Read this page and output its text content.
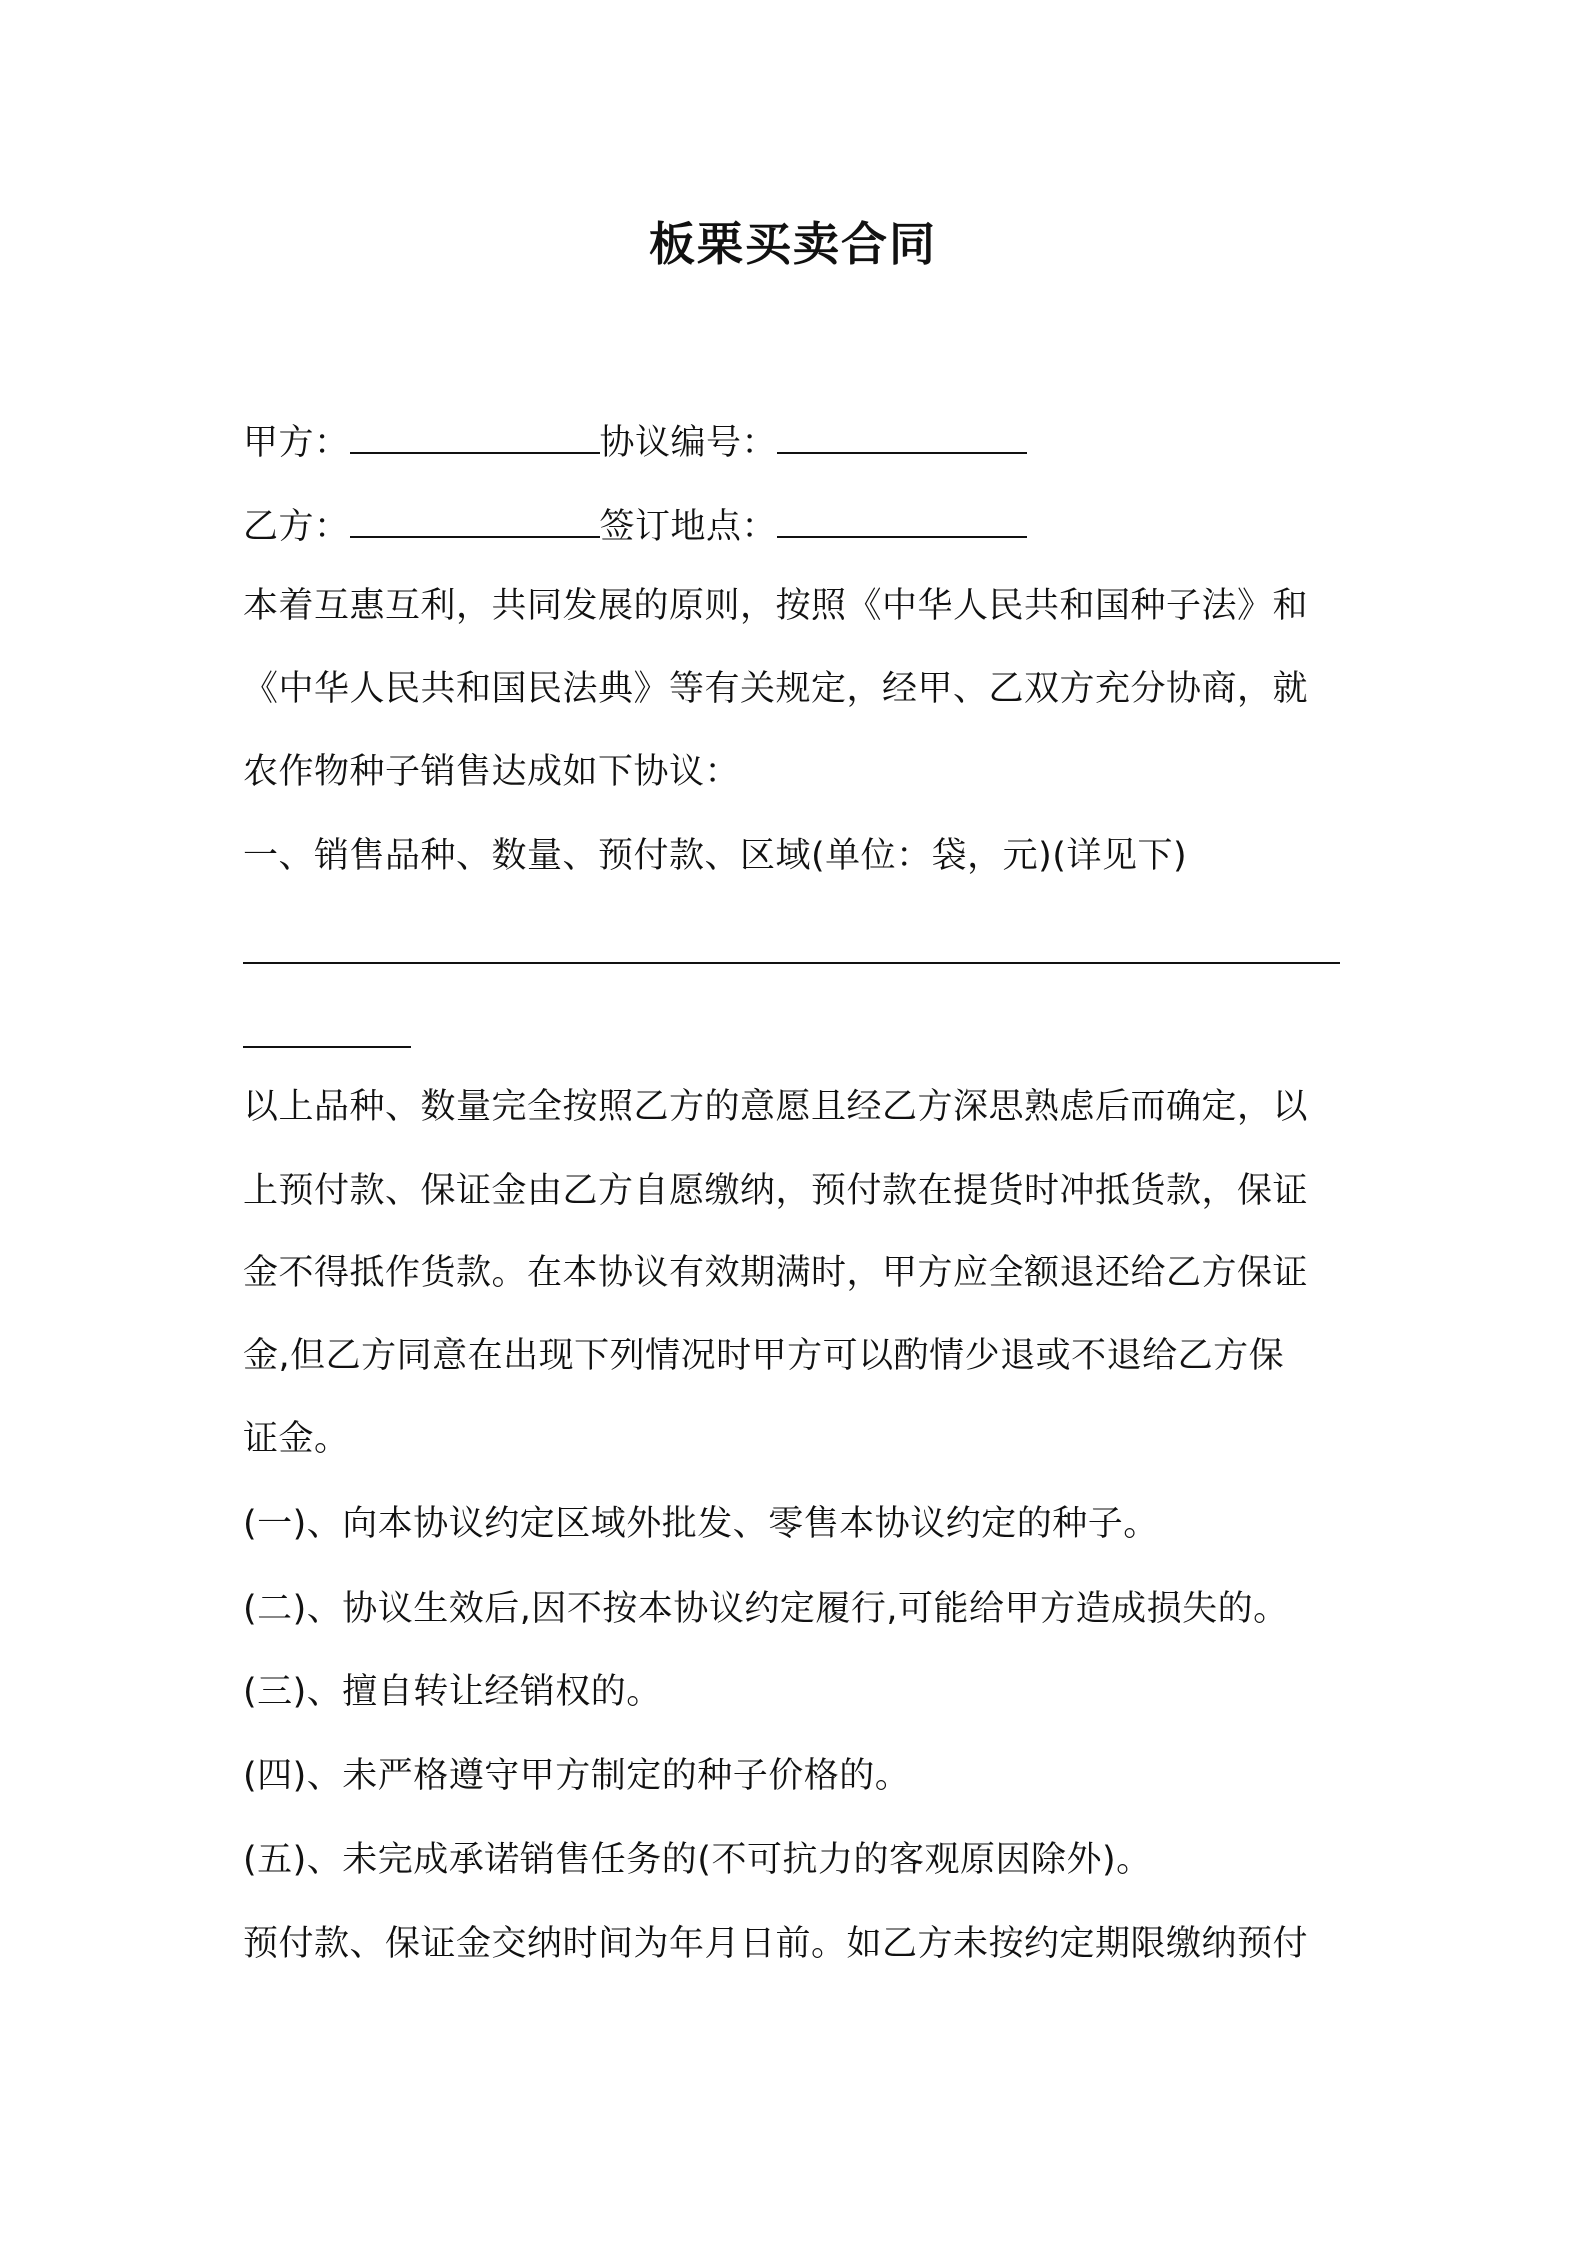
板栗买卖合同
甲方：	协议编号：
乙方：	签订地点：
本着互惠互利，共同发展的原则，按照《中华人民共和国种子法》和
《中华人民共和国民法典》等有关规定，经甲、乙双方充分协商，就
农作物种子销售达成如下协议：
一、销售品种、数量、预付款、区域(单位：袋，元)(详见下)
以上品种、数量完全按照乙方的意愿且经乙方深思熟虑后而确定，以
上预付款、保证金由乙方自愿缴纳，预付款在提货时冲抵货款，保证
金不得抵作货款。在本协议有效期满时，甲方应全额退还给乙方保证
金,但乙方同意在出现下列情况时甲方可以酌情少退或不退给乙方保
证金。
(一)、向本协议约定区域外批发、零售本协议约定的种子。
(二)、协议生效后,因不按本协议约定履行,可能给甲方造成损失的。
(三)、擅自转让经销权的。
(四)、未严格遵守甲方制定的种子价格的。
(五)、未完成承诺销售任务的(不可抗力的客观原因除外)。
预付款、保证金交纳时间为年月日前。如乙方未按约定期限缴纳预付
